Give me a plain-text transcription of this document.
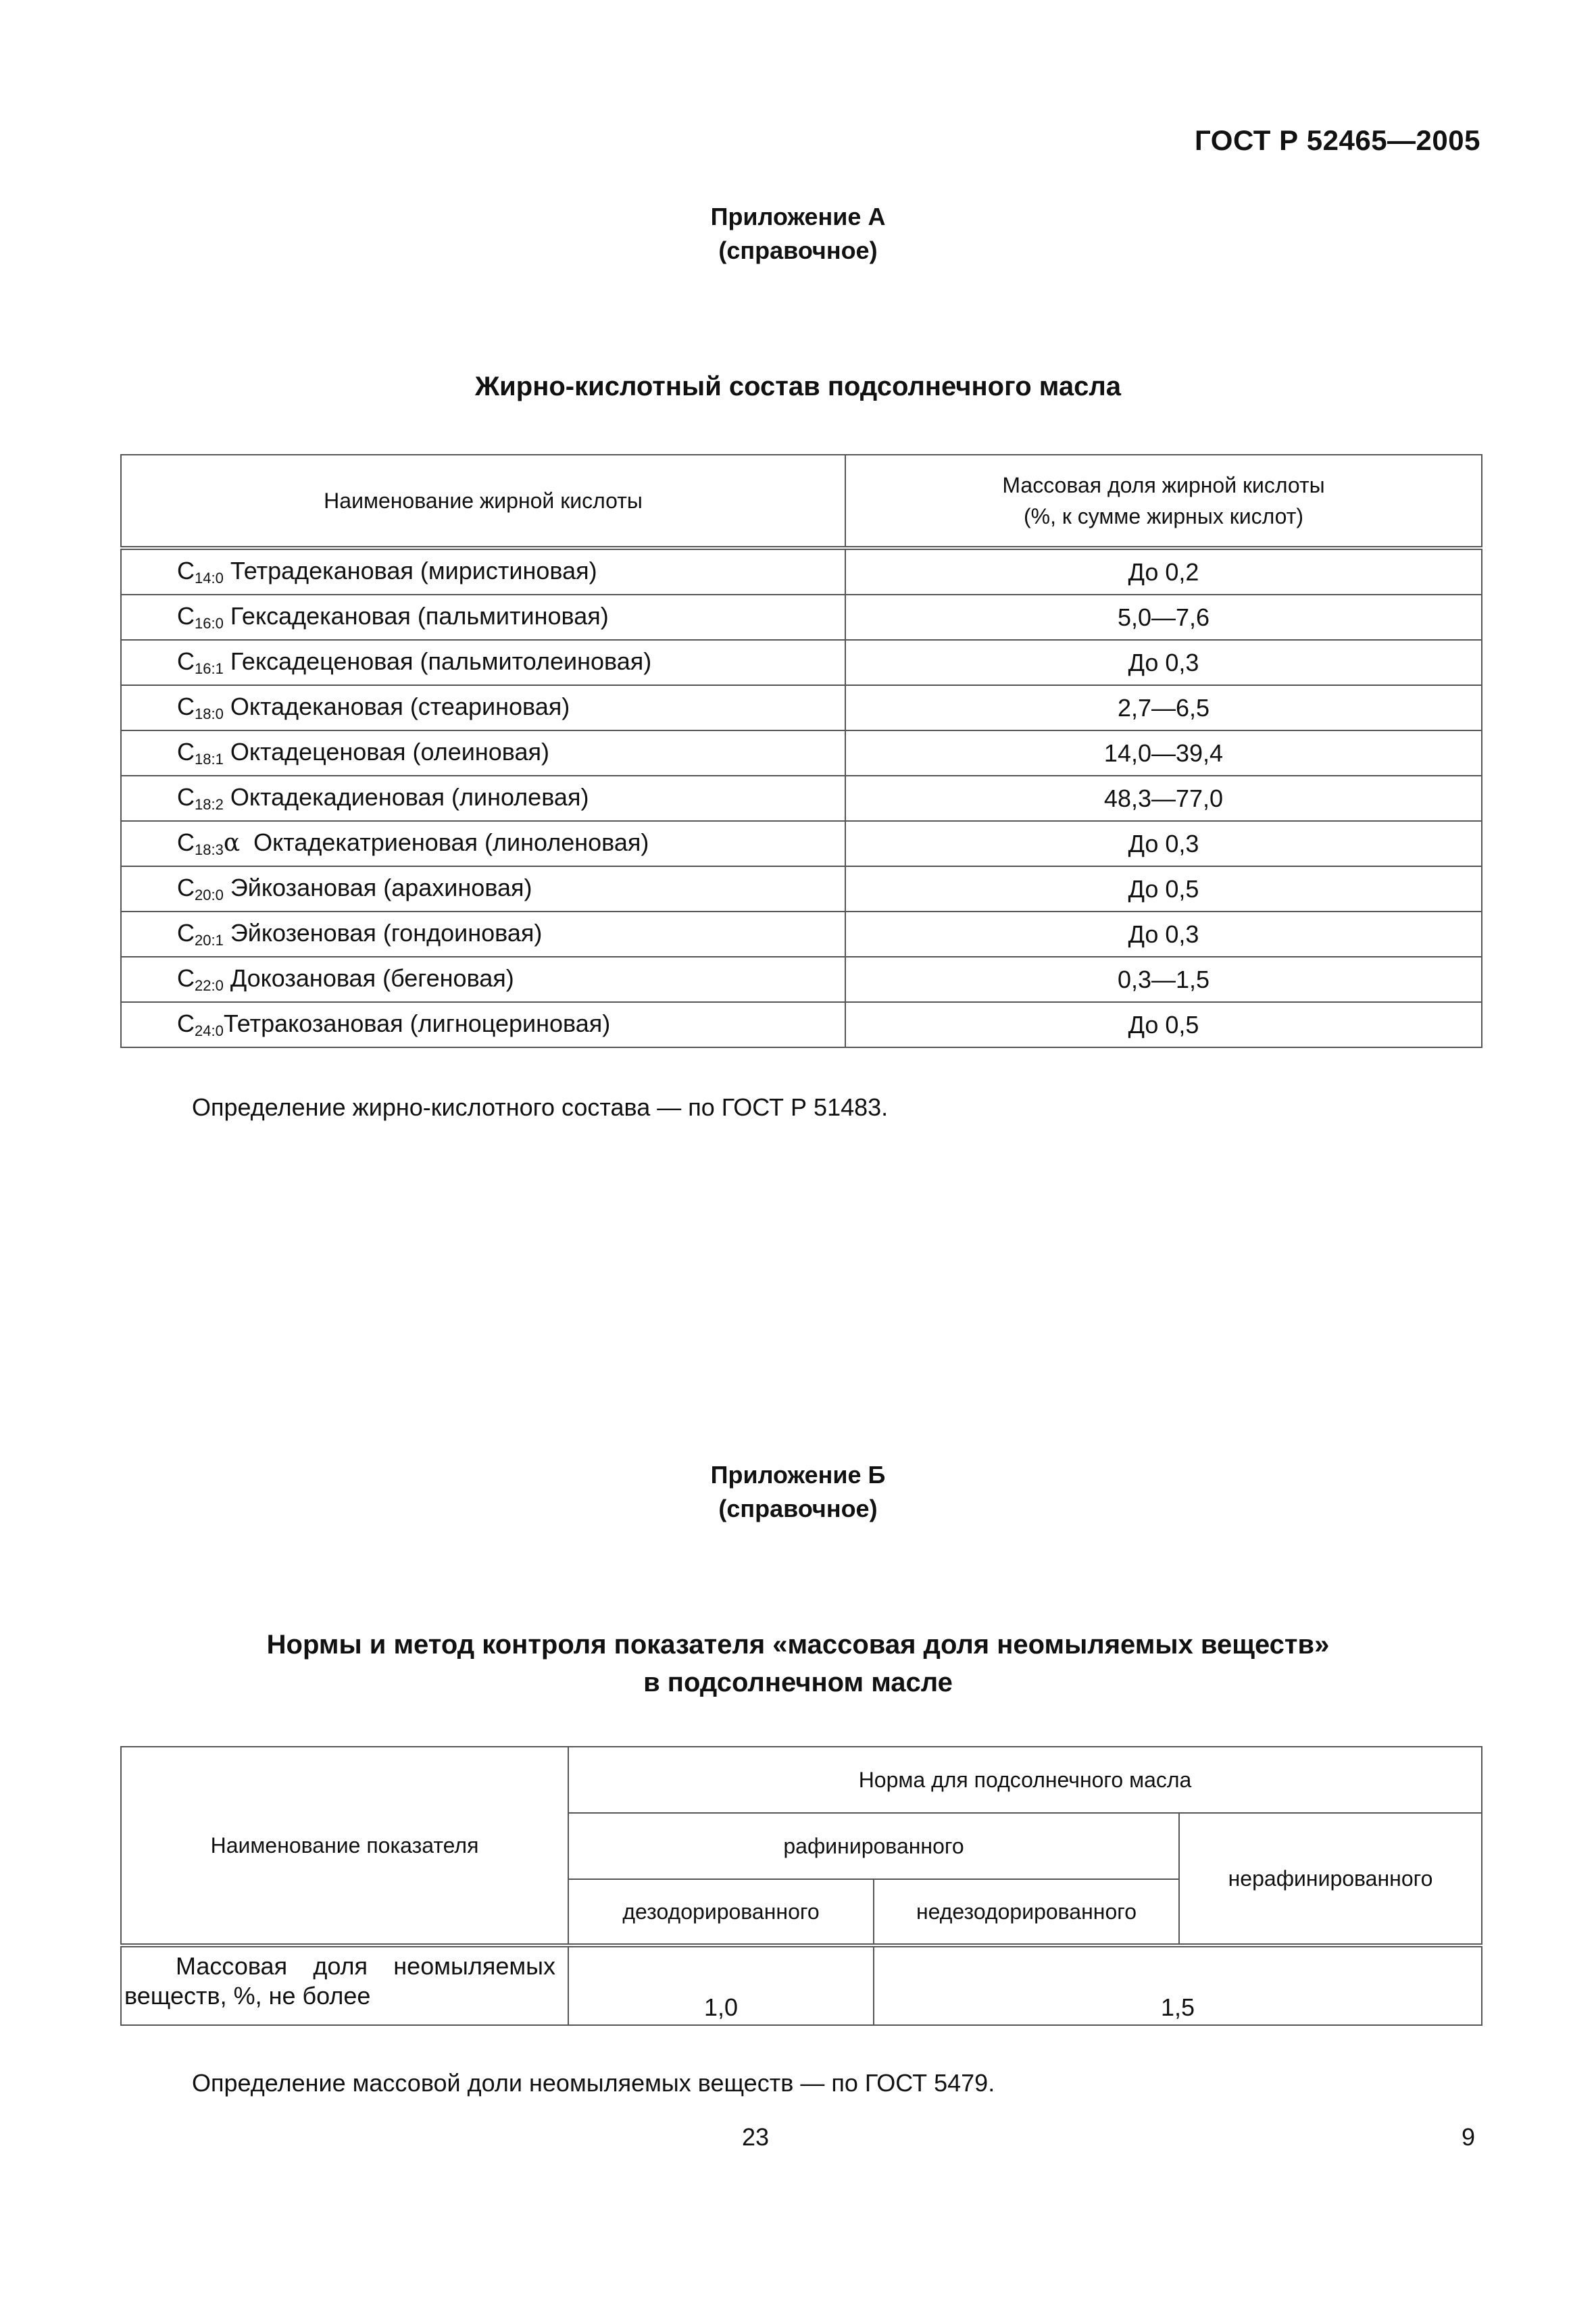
ГОСТ Р 52465—2005
Приложение А
(справочное)
Жирно-кислотный состав подсолнечного масла
Наименование жирной кислоты	Массовая доля жирной кислоты
(%, к сумме жирных кислот)

$С_{14:0}$ Тетрадекановая (миристиновая)	До 0,2
$С_{16:0}$ Гексадекановая (пальмитиновая)	5,0—7,6
$С_{16:1}$ Гексадеценовая (пальмитолеиновая)	До 0,3
$С_{18:0}$ Октадекановая (стеариновая)	2,7—6,5
$С_{18:1}$ Октадеценовая (олеиновая)	14,0—39,4
$С_{18:2}$ Октадекадиеновая (линолевая)	48,3—77,0
$С_{18:3}\alpha$  Октадекатриеновая (линоленовая)	До 0,3
$С_{20:0}$ Эйкозановая (арахиновая)	До 0,5
$С_{20:1}$ Эйкозеновая (гондоиновая)	До 0,3
$С_{22:0}$ Докозановая (бегеновая)	0,3—1,5
$С_{24:0}Тетракозановая$ (лигноцериновая)	До 0,5
Определение жирно-кислотного состава — по ГОСТ Р 51483.
Приложение Б
(справочное)
Нормы и метод контроля показателя «массовая доля неомыляемых веществ»
в подсолнечном масле
Наименование показателя	Норма для подсолнечного масла		
	рафинированного		нерафинированного
	дезодорированного	недезодорированного	

Массовая доля неомыляемых
веществ, %, не более	1,0	1,5	
Определение массовой доли неомыляемых веществ — по ГОСТ 5479.
23	9
